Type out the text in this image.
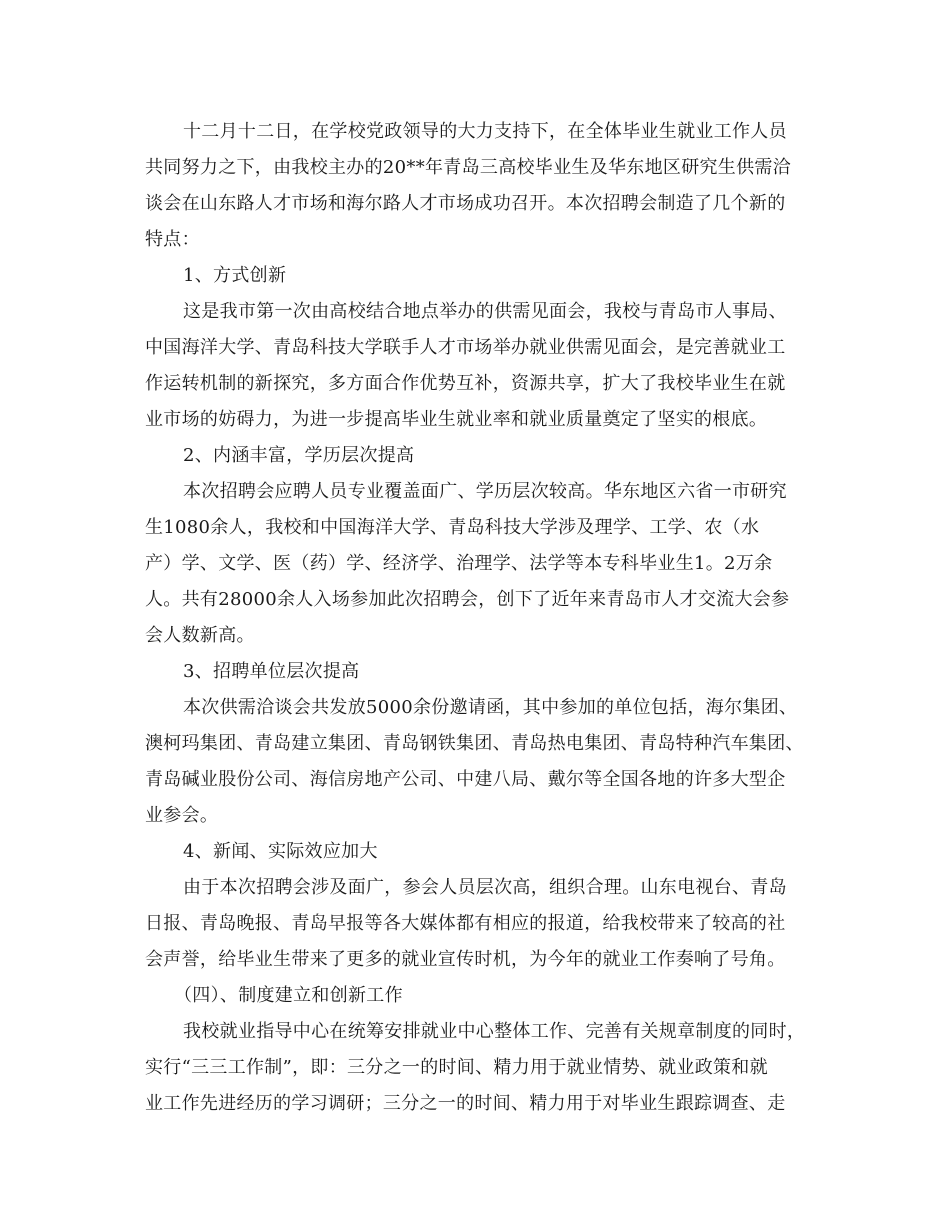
十二月十二日，在学校党政领导的大力支持下，在全体毕业生就业工作人员
共同努力之下，由我校主办的20**年青岛三高校毕业生及华东地区研究生供需洽
谈会在山东路人才市场和海尔路人才市场成功召开。本次招聘会制造了几个新的
特点：
1、方式创新
这是我市第一次由高校结合地点举办的供需见面会，我校与青岛市人事局、
中国海洋大学、青岛科技大学联手人才市场举办就业供需见面会，是完善就业工
作运转机制的新探究，多方面合作优势互补，资源共享，扩大了我校毕业生在就
业市场的妨碍力，为进一步提高毕业生就业率和就业质量奠定了坚实的根底。
2、内涵丰富，学历层次提高
本次招聘会应聘人员专业覆盖面广、学历层次较高。华东地区六省一市研究
生1080余人，我校和中国海洋大学、青岛科技大学涉及理学、工学、农（水
产）学、文学、医（药）学、经济学、治理学、法学等本专科毕业生1。2万余
人。共有28000余人入场参加此次招聘会，创下了近年来青岛市人才交流大会参
会人数新高。
3、招聘单位层次提高
本次供需洽谈会共发放5000余份邀请函，其中参加的单位包括，海尔集团、
澳柯玛集团、青岛建立集团、青岛钢铁集团、青岛热电集团、青岛特种汽车集团、
青岛碱业股份公司、海信房地产公司、中建八局、戴尔等全国各地的许多大型企
业参会。
4、新闻、实际效应加大
由于本次招聘会涉及面广，参会人员层次高，组织合理。山东电视台、青岛
日报、青岛晚报、青岛早报等各大媒体都有相应的报道，给我校带来了较高的社
会声誉，给毕业生带来了更多的就业宣传时机，为今年的就业工作奏响了号角。
（四）、制度建立和创新工作
我校就业指导中心在统筹安排就业中心整体工作、完善有关规章制度的同时，
实行“三三工作制”，即：三分之一的时间、精力用于就业情势、就业政策和就
业工作先进经历的学习调研；三分之一的时间、精力用于对毕业生跟踪调查、走
